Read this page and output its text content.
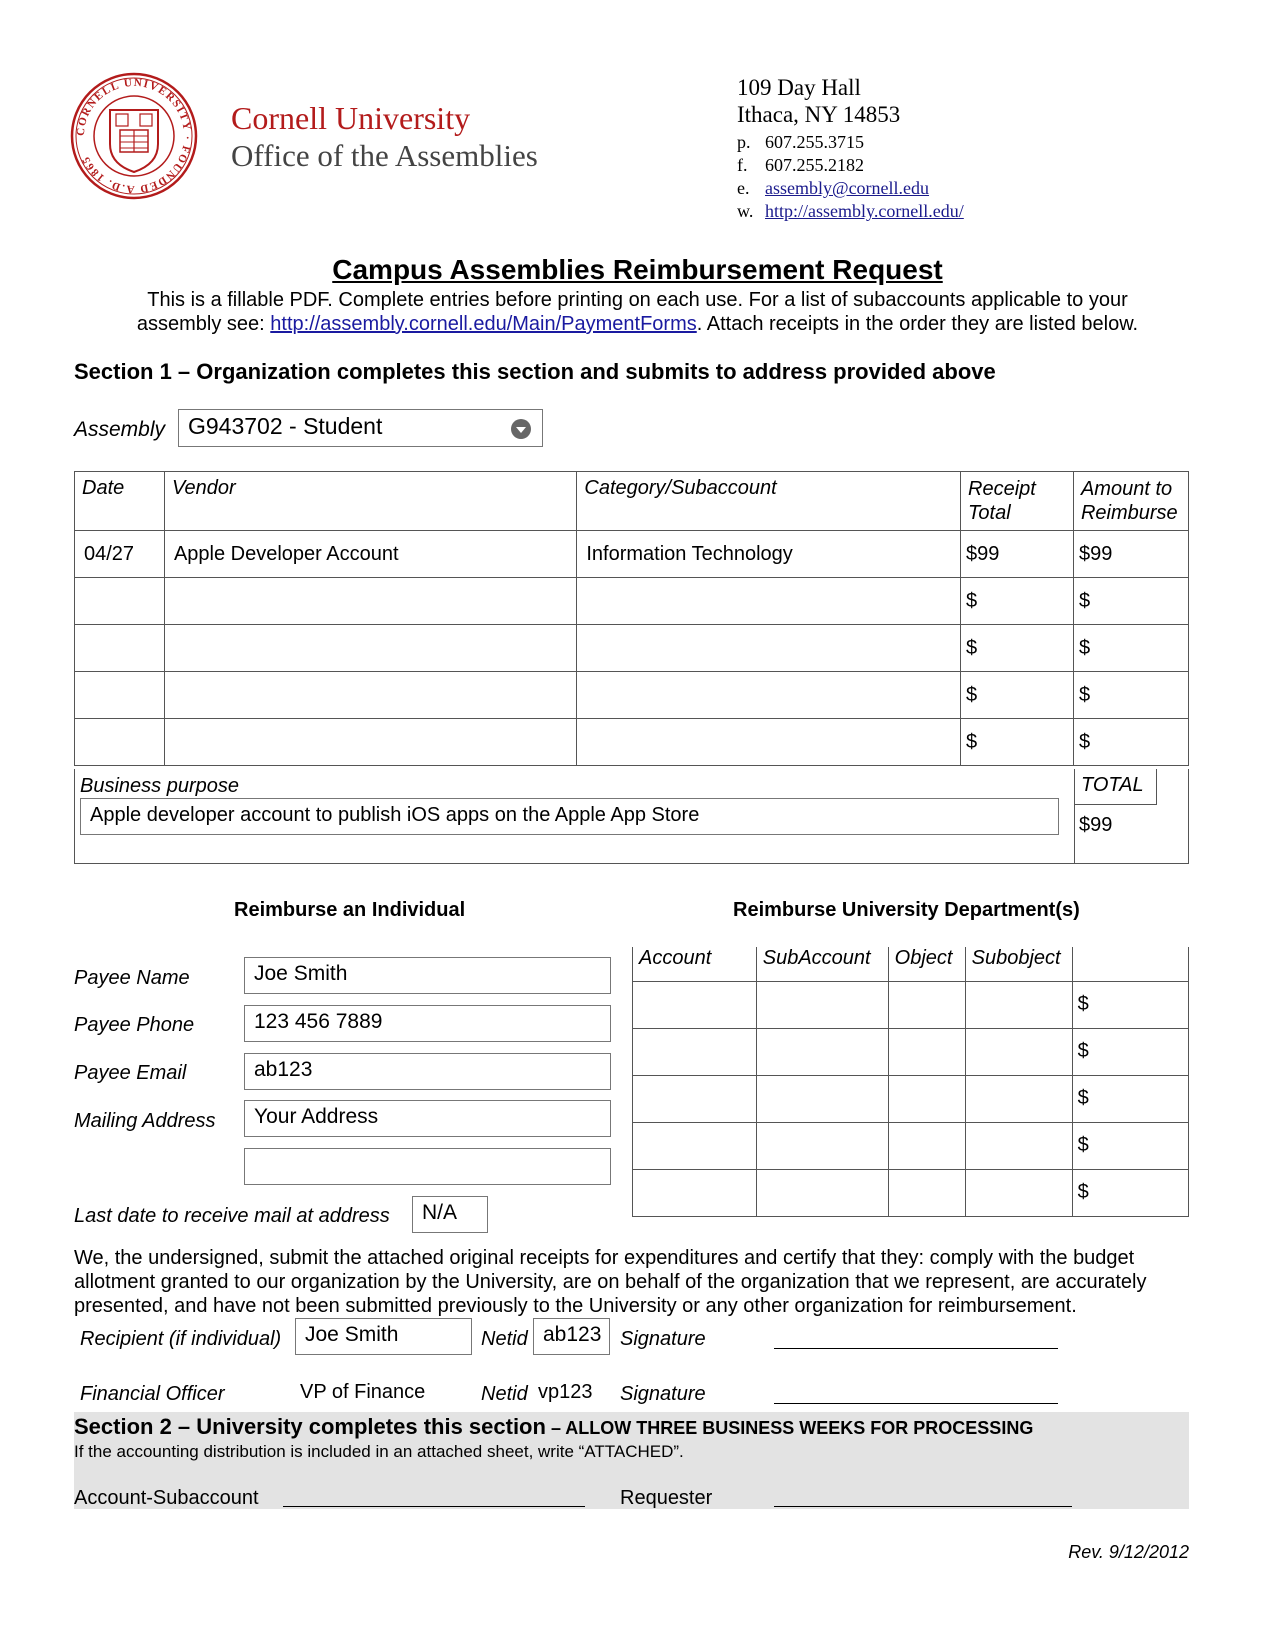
CORNELL UNIVERSITY · FOUNDED A.D. 1865
Cornell University
Office of the Assemblies
109 Day Hall
Ithaca, NY 14853
p. 607.255.3715
f. 607.255.2182
e. assembly@cornell.edu
w. http://assembly.cornell.edu/
Campus Assemblies Reimbursement Request
This is a fillable PDF. Complete entries before printing on each use. For a list of subaccounts applicable to your
assembly see: http://assembly.cornell.edu/Main/PaymentForms. Attach receipts in the order they are listed below.
Section 1 – Organization completes this section and submits to address provided above
Assembly G943702 - Student
Date	Vendor	Category/Subaccount	Receipt Total	Amount to Reimburse
04/27	Apple Developer Account	Information Technology	$99	$99
			$	$
			$	$
			$	$
			$	$
Business purpose
Apple developer account to publish iOS apps on the Apple App Store
TOTAL
$99
Reimburse an Individual
Payee Name	Joe Smith
Payee Phone	123 456 7889
Payee Email	ab123
Mailing Address	Your Address
Last date to receive mail at address	N/A
Reimburse University Department(s)
Account	SubAccount	Object	Subobject	
				$
				$
				$
				$
				$
We, the undersigned, submit the attached original receipts for expenditures and certify that they: comply with the budget allotment granted to our organization by the University, are on behalf of the organization that we represent, are accurately presented, and have not been submitted previously to the University or any other organization for reimbursement.
Recipient (if individual)	Joe Smith	Netid ab123 Signature
Financial Officer	VP of Finance	Netid vp123 Signature
Section 2 – University completes this section – ALLOW THREE BUSINESS WEEKS FOR PROCESSING
If the accounting distribution is included in an attached sheet, write “ATTACHED”.
Account-Subaccount	Requester
Rev. 9/12/2012
